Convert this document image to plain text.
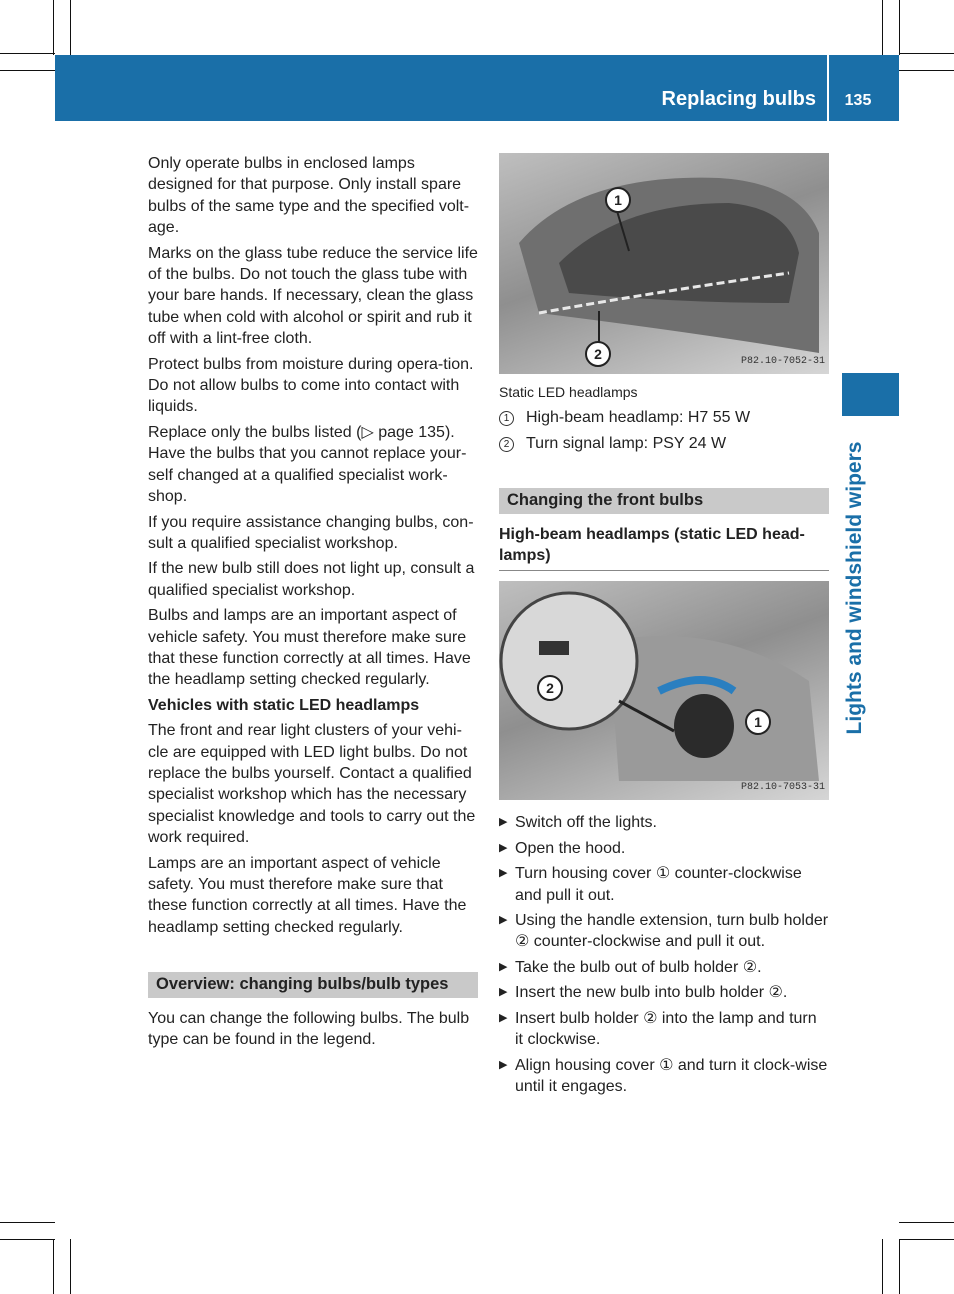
Replacing bulbs	135
Lights and windshield wipers

Only operate bulbs in enclosed lamps designed for that purpose. Only install spare bulbs of the same type and the specified volt-age.

Marks on the glass tube reduce the service life of the bulbs. Do not touch the glass tube with your bare hands. If necessary, clean the glass tube when cold with alcohol or spirit and rub it off with a lint-free cloth.

Protect bulbs from moisture during opera-tion. Do not allow bulbs to come into contact with liquids.

Replace only the bulbs listed (▷ page 135). Have the bulbs that you cannot replace your-self changed at a qualified specialist work-shop.

If you require assistance changing bulbs, con-sult a qualified specialist workshop.

If the new bulb still does not light up, consult a qualified specialist workshop.

Bulbs and lamps are an important aspect of vehicle safety. You must therefore make sure that these function correctly at all times. Have the headlamp setting checked regularly.

Vehicles with static LED headlamps

The front and rear light clusters of your vehi-cle are equipped with LED light bulbs. Do not replace the bulbs yourself. Contact a qualified specialist workshop which has the necessary specialist knowledge and tools to carry out the work required.

Lamps are an important aspect of vehicle safety. You must therefore make sure that these function correctly at all times. Have the headlamp setting checked regularly.

Overview: changing bulbs/bulb types

You can change the following bulbs. The bulb type can be found in the legend.

1
2	P82.10-7052-31
Static LED headlamps
1 High-beam headlamp: H7 55 W
2 Turn signal lamp: PSY 24 W
Changing the front bulbs
High-beam headlamps (static LED head-lamps)
2
1
P82.10-7053-31
▶ Switch off the lights.
▶ Open the hood.
▶ Turn housing cover ① counter-clockwise and pull it out.
▶ Using the handle extension, turn bulb holder ② counter-clockwise and pull it out.
▶ Take the bulb out of bulb holder ②.
▶ Insert the new bulb into bulb holder ②.
▶ Insert bulb holder ② into the lamp and turn it clockwise.
▶ Align housing cover ① and turn it clock-wise until it engages.
